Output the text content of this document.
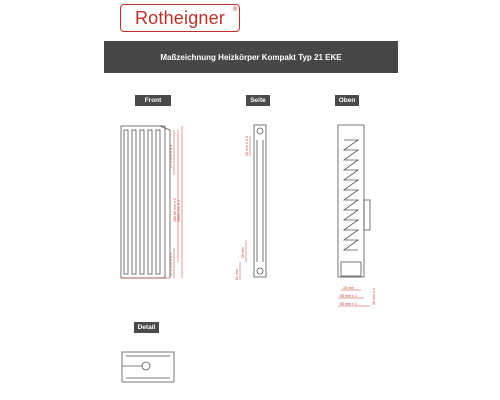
Rotheigner ®
Maßzeichnung Heizkörper Kompakt Typ 21 EKE
Front	Seite	Oben
Detail
27,5 mm ± 0,5
450,00 mm ± 2 50/60 mm ± 1
17,5 mm ± 0,5
30 mm ± 1,0
20 mm
61 mm
16 mm
50 mm ± 1	30 mm ± 1
65 mm ± 1
